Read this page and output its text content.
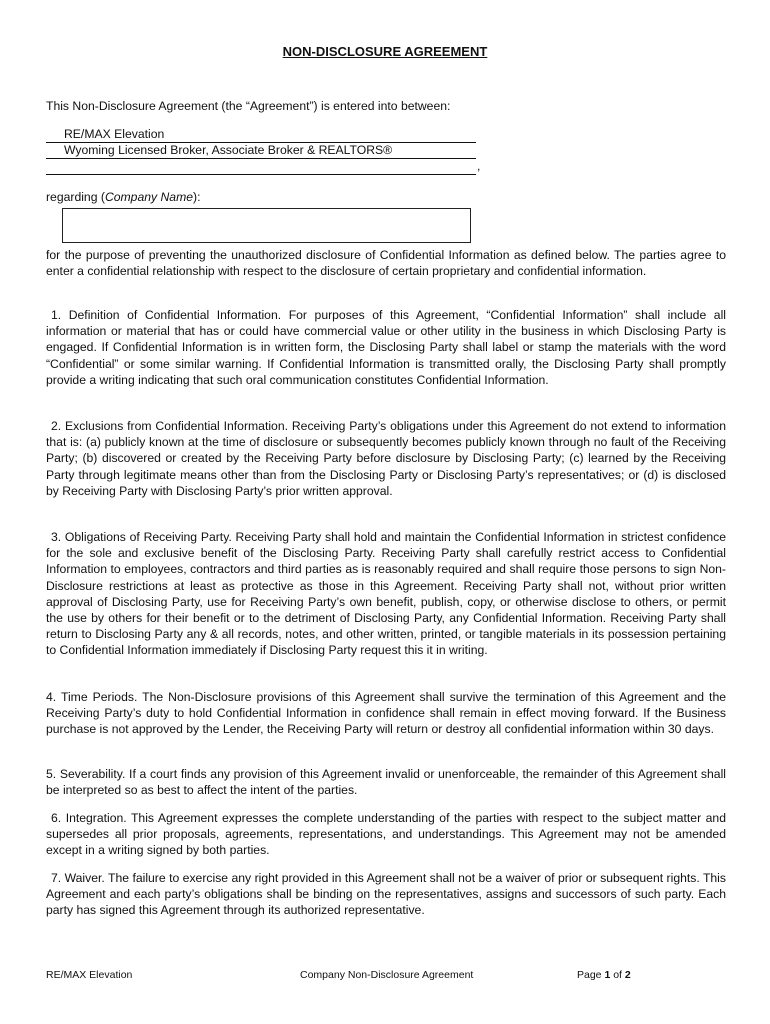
NON-DISCLOSURE AGREEMENT
This Non-Disclosure Agreement (the “Agreement”) is entered into between:
RE/MAX Elevation
Wyoming Licensed Broker, Associate Broker & REALTORS®
,
regarding (Company Name):
for the purpose of preventing the unauthorized disclosure of Confidential Information as defined below. The parties agree to enter a confidential relationship with respect to the disclosure of certain proprietary and confidential information.
1. Definition of Confidential Information. For purposes of this Agreement, “Confidential Information” shall include all information or material that has or could have commercial value or other utility in the business in which Disclosing Party is engaged. If Confidential Information is in written form, the Disclosing Party shall label or stamp the materials with the word “Confidential” or some similar warning. If Confidential Information is transmitted orally, the Disclosing Party shall promptly provide a writing indicating that such oral communication constitutes Confidential Information.
2. Exclusions from Confidential Information. Receiving Party’s obligations under this Agreement do not extend to information that is: (a) publicly known at the time of disclosure or subsequently becomes publicly known through no fault of the Receiving Party; (b) discovered or created by the Receiving Party before disclosure by Disclosing Party; (c) learned by the Receiving Party through legitimate means other than from the Disclosing Party or Disclosing Party’s representatives; or (d) is disclosed by Receiving Party with Disclosing Party’s prior written approval.
3. Obligations of Receiving Party. Receiving Party shall hold and maintain the Confidential Information in strictest confidence for the sole and exclusive benefit of the Disclosing Party. Receiving Party shall carefully restrict access to Confidential Information to employees, contractors and third parties as is reasonably required and shall require those persons to sign Non-Disclosure restrictions at least as protective as those in this Agreement. Receiving Party shall not, without prior written approval of Disclosing Party, use for Receiving Party’s own benefit, publish, copy, or otherwise disclose to others, or permit the use by others for their benefit or to the detriment of Disclosing Party, any Confidential Information. Receiving Party shall return to Disclosing Party any & all records, notes, and other written, printed, or tangible materials in its possession pertaining to Confidential Information immediately if Disclosing Party request this it in writing.
4. Time Periods. The Non-Disclosure provisions of this Agreement shall survive the termination of this Agreement and the Receiving Party’s duty to hold Confidential Information in confidence shall remain in effect moving forward. If the Business purchase is not approved by the Lender, the Receiving Party will return or destroy all confidential information within 30 days.
5. Severability. If a court finds any provision of this Agreement invalid or unenforceable, the remainder of this Agreement shall be interpreted so as best to affect the intent of the parties.
6. Integration. This Agreement expresses the complete understanding of the parties with respect to the subject matter and supersedes all prior proposals, agreements, representations, and understandings. This Agreement may not be amended except in a writing signed by both parties.
7. Waiver. The failure to exercise any right provided in this Agreement shall not be a waiver of prior or subsequent rights. This Agreement and each party’s obligations shall be binding on the representatives, assigns and successors of such party. Each party has signed this Agreement through its authorized representative.
RE/MAX Elevation	Company Non-Disclosure Agreement	Page 1 of 2
